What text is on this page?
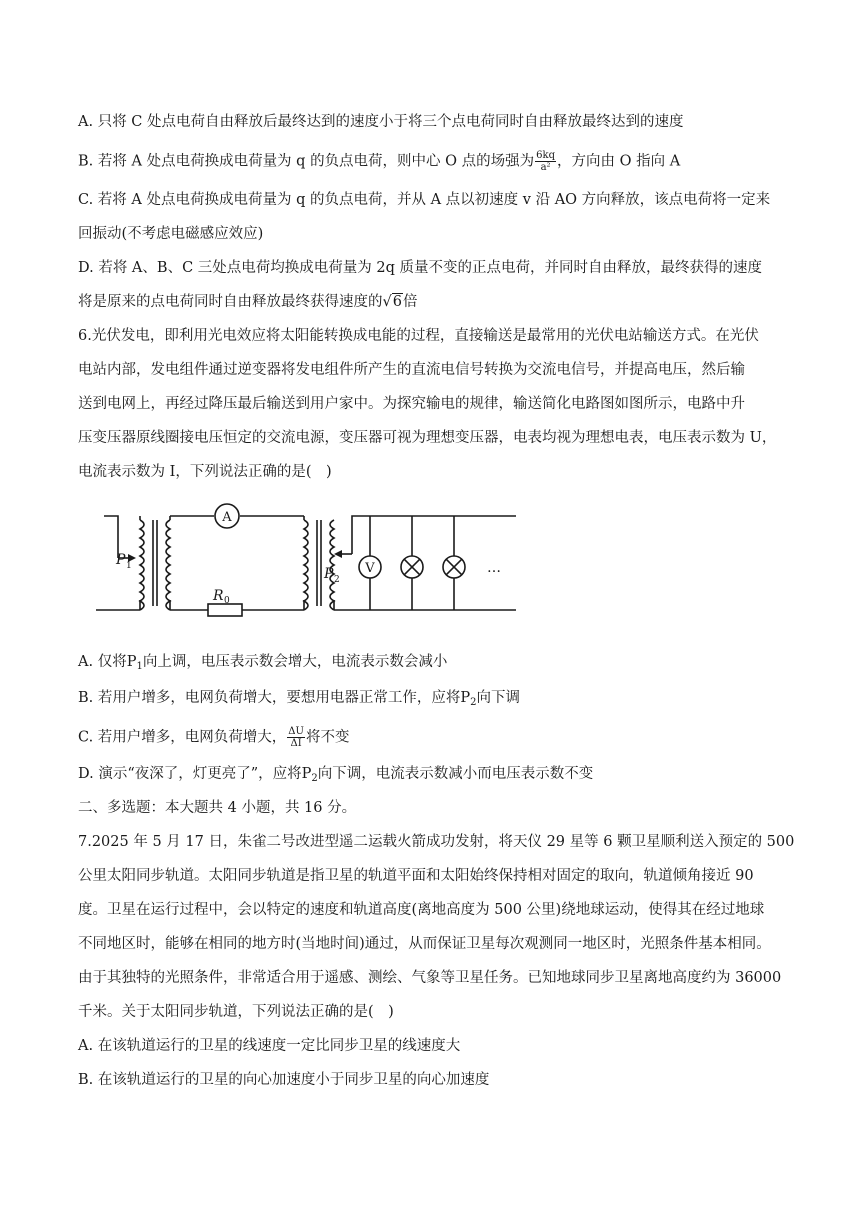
A. 只将 C 处点电荷自由释放后最终达到的速度小于将三个点电荷同时自由释放最终达到的速度
B. 若将 A 处点电荷换成电荷量为 q 的负点电荷，则中心 O 点的场强为 $\frac{6kq}{\text{a²}}$ ，方向由 O 指向 A
C. 若将 A 处点电荷换成电荷量为 q 的负点电荷，并从 A 点以初速度 v 沿 AO 方向释放，该点电荷将一定来
回振动(不考虑电磁感应效应)
D. 若将 A、B、C 三处点电荷均换成电荷量为 2q 质量不变的正点电荷，并同时自由释放，最终获得的速度
将是原来的点电荷同时自由释放最终获得速度的√6倍
6.光伏发电，即利用光电效应将太阳能转换成电能的过程，直接输送是最常用的光伏电站输送方式。在光伏
电站内部，发电组件通过逆变器将发电组件所产生的直流电信号转换为交流电信号，并提高电压，然后输
送到电网上，再经过降压最后输送到用户家中。为探究输电的规律，输送简化电路图如图所示，电路中升
压变压器原线圈接电压恒定的交流电源，变压器可视为理想变压器，电表均视为理想电表，电压表示数为 U，
电流表示数为 I，下列说法正确的是(　)
A
V
R 0
P 1	P 2
…
A. 仅将$P_1$向上调，电压表示数会增大，电流表示数会减小
B. 若用户增多，电网负荷增大，要想用电器正常工作，应将$P_2$向下调
C. 若用户增多，电网负荷增大， $\frac{\Delta U}{\Delta I}$ 将不变
D. 演示“夜深了，灯更亮了”，应将$P_2$向下调，电流表示数减小而电压表示数不变
二、多选题：本大题共 4 小题，共 16 分。
7.2025 年 5 月 17 日，朱雀二号改进型遥二运载火箭成功发射，将天仪 29 星等 6 颗卫星顺利送入预定的 500
公里太阳同步轨道。太阳同步轨道是指卫星的轨道平面和太阳始终保持相对固定的取向，轨道倾角接近 90
度。卫星在运行过程中，会以特定的速度和轨道高度(离地高度为 500 公里)绕地球运动，使得其在经过地球
不同地区时，能够在相同的地方时(当地时间)通过，从而保证卫星每次观测同一地区时，光照条件基本相同。
由于其独特的光照条件，非常适合用于遥感、测绘、气象等卫星任务。已知地球同步卫星离地高度约为 36000
千米。关于太阳同步轨道，下列说法正确的是(　)
A. 在该轨道运行的卫星的线速度一定比同步卫星的线速度大
B. 在该轨道运行的卫星的向心加速度小于同步卫星的向心加速度
